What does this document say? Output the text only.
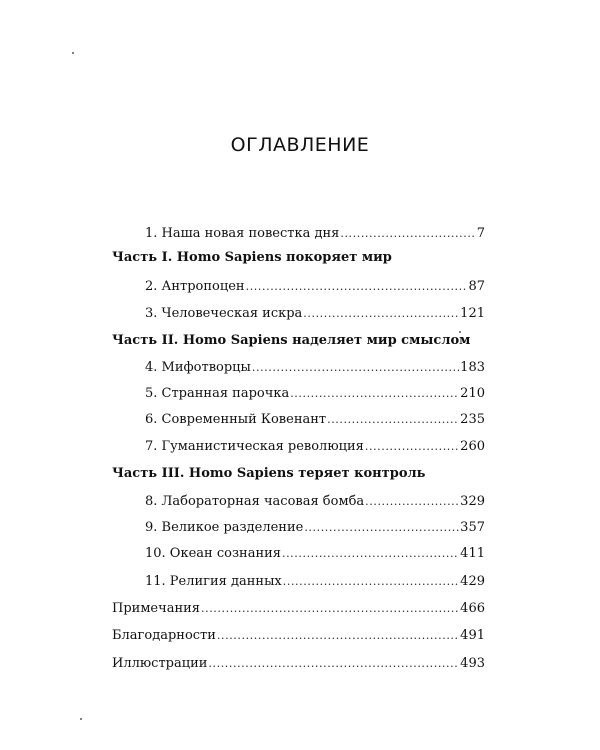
ОГЛАВЛЕНИЕ
1. Наша новая повестка дня .....	7
Часть I. Homo Sapiens покоряет мир
2. Антропоцен .....	87
3. Человеческая искра .....	121
Часть II. Homo Sapiens наделяет мир смыслом
4. Мифотворцы .....	183
5. Странная парочка .....	210
6. Современный Ковенант .....	235
7. Гуманистическая революция .....	260
Часть III. Homo Sapiens теряет контроль
8. Лабораторная часовая бомба .....	329
9. Великое разделение .....	357
10. Океан сознания .....	411
11. Религия данных .....	429
Примечания .....	466
Благодарности .....	491
Иллюстрации .....	493
